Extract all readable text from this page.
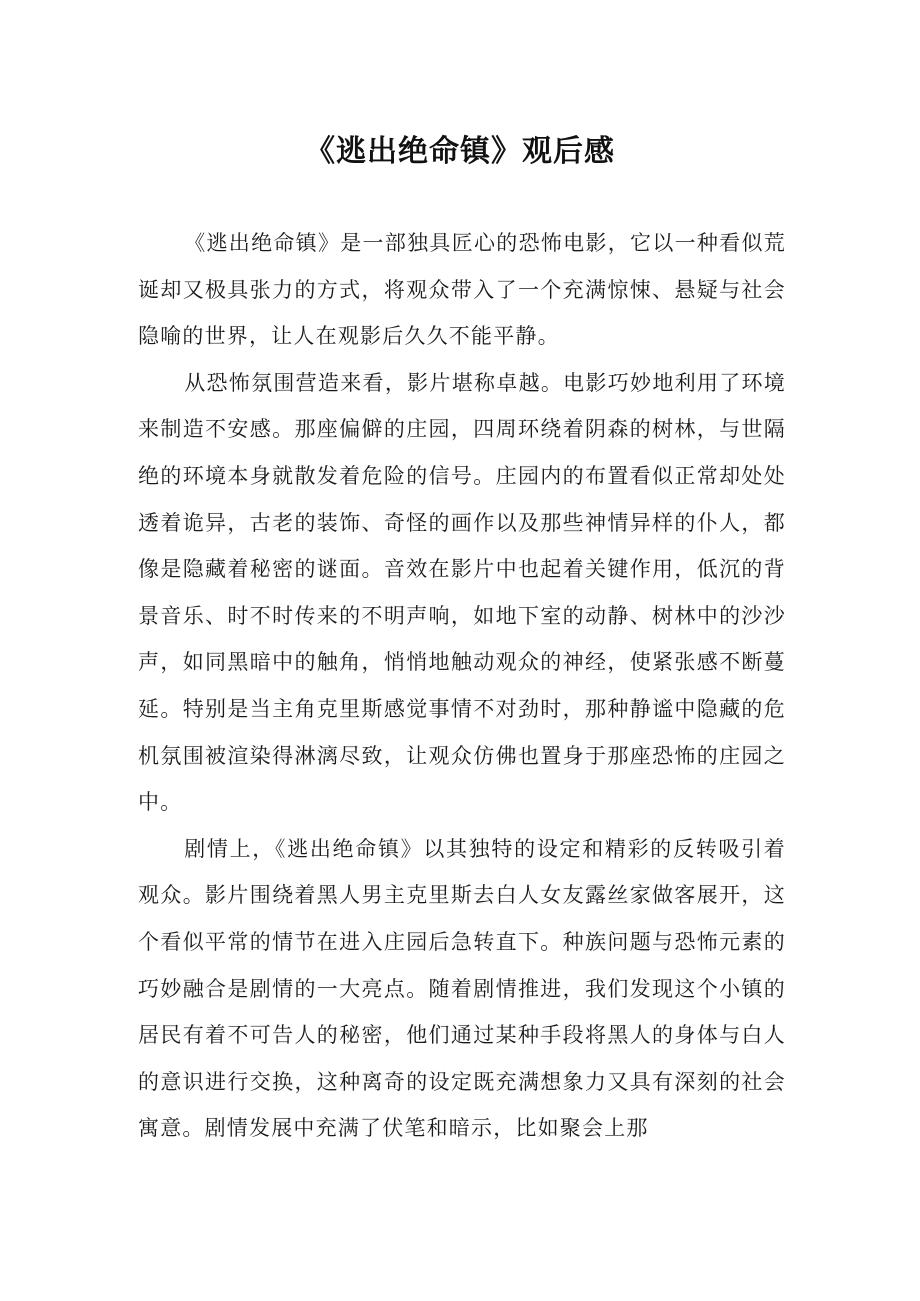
《逃出绝命镇》观后感

《逃出绝命镇》是一部独具匠心的恐怖电影，它以一种看似荒诞却又极具张力的方式，将观众带入了一个充满惊悚、悬疑与社会隐喻的世界，让人在观影后久久不能平静。

从恐怖氛围营造来看，影片堪称卓越。电影巧妙地利用了环境来制造不安感。那座偏僻的庄园，四周环绕着阴森的树林，与世隔绝的环境本身就散发着危险的信号。庄园内的布置看似正常却处处透着诡异，古老的装饰、奇怪的画作以及那些神情异样的仆人，都像是隐藏着秘密的谜面。音效在影片中也起着关键作用，低沉的背景音乐、时不时传来的不明声响，如地下室的动静、树林中的沙沙声，如同黑暗中的触角，悄悄地触动观众的神经，使紧张感不断蔓延。特别是当主角克里斯感觉事情不对劲时，那种静谧中隐藏的危机氛围被渲染得淋漓尽致，让观众仿佛也置身于那座恐怖的庄园之中。

剧情上，《逃出绝命镇》以其独特的设定和精彩的反转吸引着观众。影片围绕着黑人男主克里斯去白人女友露丝家做客展开，这个看似平常的情节在进入庄园后急转直下。种族问题与恐怖元素的巧妙融合是剧情的一大亮点。随着剧情推进，我们发现这个小镇的居民有着不可告人的秘密，他们通过某种手段将黑人的身体与白人的意识进行交换，这种离奇的设定既充满想象力又具有深刻的社会寓意。剧情发展中充满了伏笔和暗示，比如聚会上那
